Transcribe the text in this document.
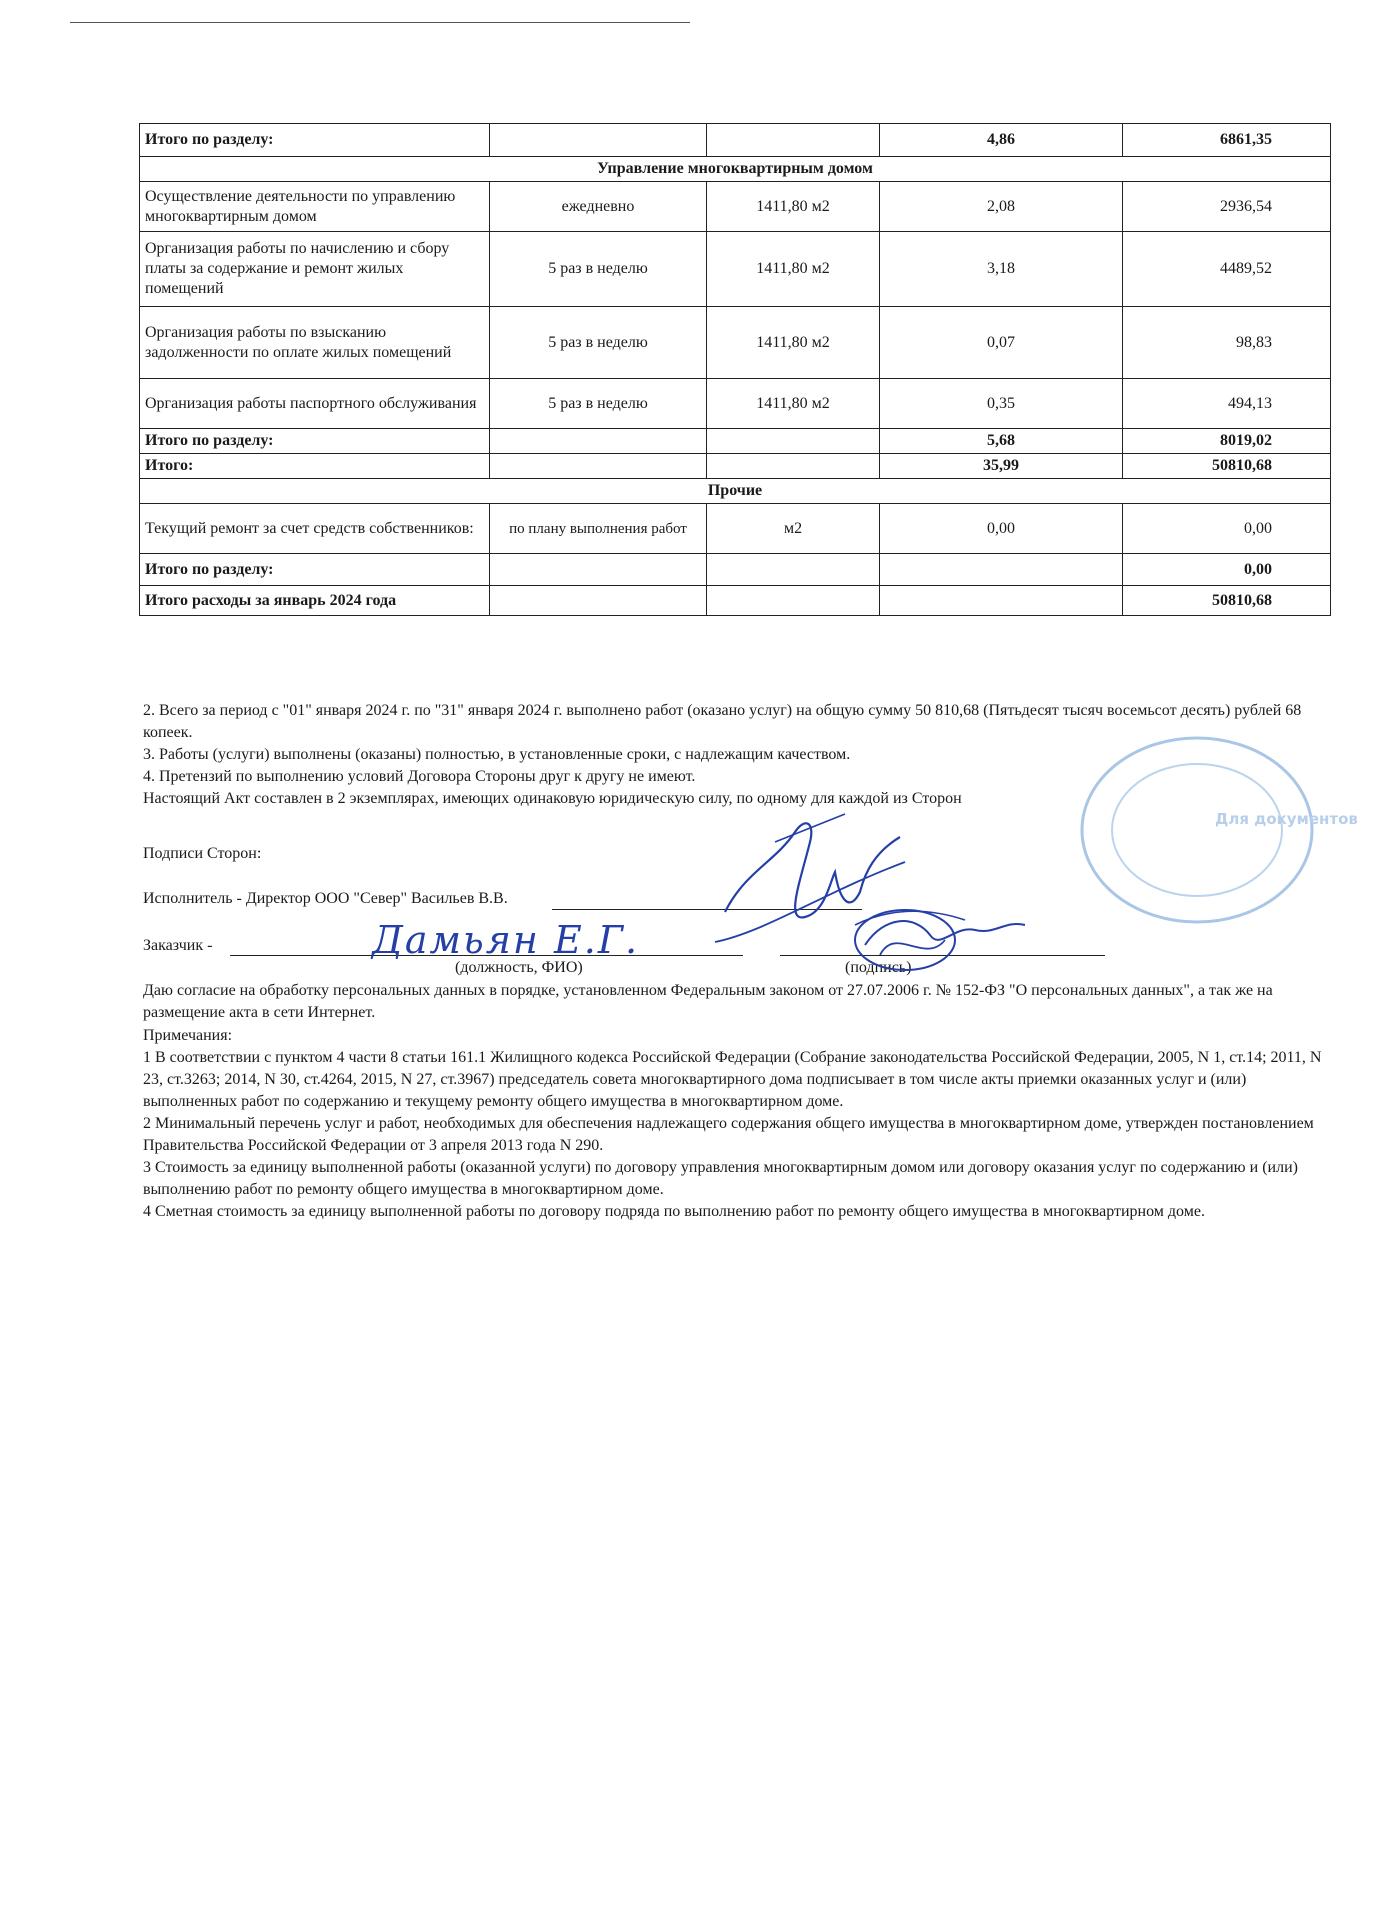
Итого по разделу:			4,86	6861,35
Управление многоквартирным домом				
Осуществление деятельности по управлению многоквартирным домом	ежедневно	1411,80 м2	2,08	2936,54
Организация работы по начислению и сбору платы за содержание и ремонт жилых помещений	5 раз в неделю	1411,80 м2	3,18	4489,52
Организация работы по взысканию задолженности по оплате жилых помещений	5 раз в неделю	1411,80 м2	0,07	98,83
Организация работы паспортного обслуживания	5 раз в неделю	1411,80 м2	0,35	494,13
Итого по разделу:			5,68	8019,02
Итого:			35,99	50810,68
Прочие				
Текущий ремонт за счет средств собственников:	по плану выполнения работ	м2	0,00	0,00
Итого по разделу:				0,00
Итого расходы за январь 2024 года				50810,68

2. Всего за период с "01" января 2024 г. по "31" января 2024 г. выполнено работ (оказано услуг) на общую сумму 50 810,68 (Пятьдесят тысяч восемьсот десять) рублей 68 копеек.

3. Работы (услуги) выполнены (оказаны) полностью, в установленные сроки, с надлежащим качеством.

4. Претензий по выполнению условий Договора Стороны друг к другу не имеют.

Настоящий Акт составлен в 2 экземплярах, имеющих одинаковую юридическую силу, по одному для каждой из Сторон

Подписи Сторон:
Исполнитель - Директор ООО "Север" Васильев В.В.
Заказчик -
(должность, ФИО)	(подпись)
Дамьян Е.Г.
Для документов
Даю согласие на обработку персональных данных в порядке, установленном Федеральным законом от 27.07.2006 г. № 152-ФЗ "О персональных данных", а так же на размещение акта в сети Интернет.

Примечания:

1 В соответствии с пунктом 4 части 8 статьи 161.1 Жилищного кодекса Российской Федерации (Собрание законодательства Российской Федерации, 2005, N 1, ст.14; 2011, N 23, ст.3263; 2014, N 30, ст.4264, 2015, N 27, ст.3967) председатель совета многоквартирного дома подписывает в том числе акты приемки оказанных услуг и (или) выполненных работ по содержанию и текущему ремонту общего имущества в многоквартирном доме.

2 Минимальный перечень услуг и работ, необходимых для обеспечения надлежащего содержания общего имущества в многоквартирном доме, утвержден постановлением Правительства Российской Федерации от 3 апреля 2013 года N 290.

3 Стоимость за единицу выполненной работы (оказанной услуги) по договору управления многоквартирным домом или договору оказания услуг по содержанию и (или) выполнению работ по ремонту общего имущества в многоквартирном доме.

4 Сметная стоимость за единицу выполненной работы по договору подряда по выполнению работ по ремонту общего имущества в многоквартирном доме.
